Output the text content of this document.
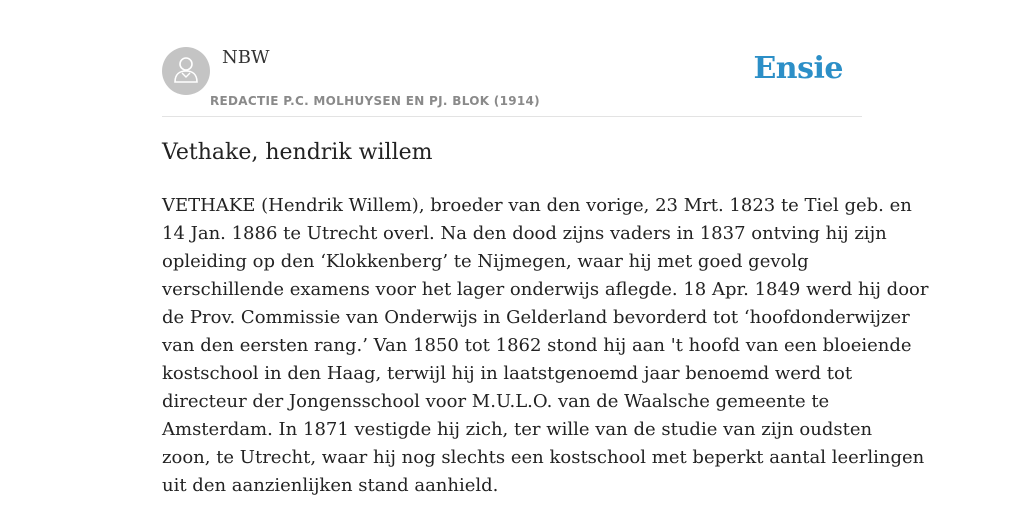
NBW
REDACTIE P.C. MOLHUYSEN EN PJ. BLOK (1914)
Ensie
Vethake, hendrik willem

VETHAKE (Hendrik Willem), broeder van den vorige, 23 Mrt. 1823 te Tiel geb. en
14 Jan. 1886 te Utrecht overl. Na den dood zijns vaders in 1837 ontving hij zijn
opleiding op den ‘Klokkenberg’ te Nijmegen, waar hij met goed gevolg
verschillende examens voor het lager onderwijs aflegde. 18 Apr. 1849 werd hij door
de Prov. Commissie van Onderwijs in Gelderland bevorderd tot ‘hoofdonderwijzer
van den eersten rang.’ Van 1850 tot 1862 stond hij aan 't hoofd van een bloeiende
kostschool in den Haag, terwijl hij in laatstgenoemd jaar benoemd werd tot
directeur der Jongensschool voor M.U.L.O. van de Waalsche gemeente te
Amsterdam. In 1871 vestigde hij zich, ter wille van de studie van zijn oudsten
zoon, te Utrecht, waar hij nog slechts een kostschool met beperkt aantal leerlingen
uit den aanzienlijken stand aanhield.
